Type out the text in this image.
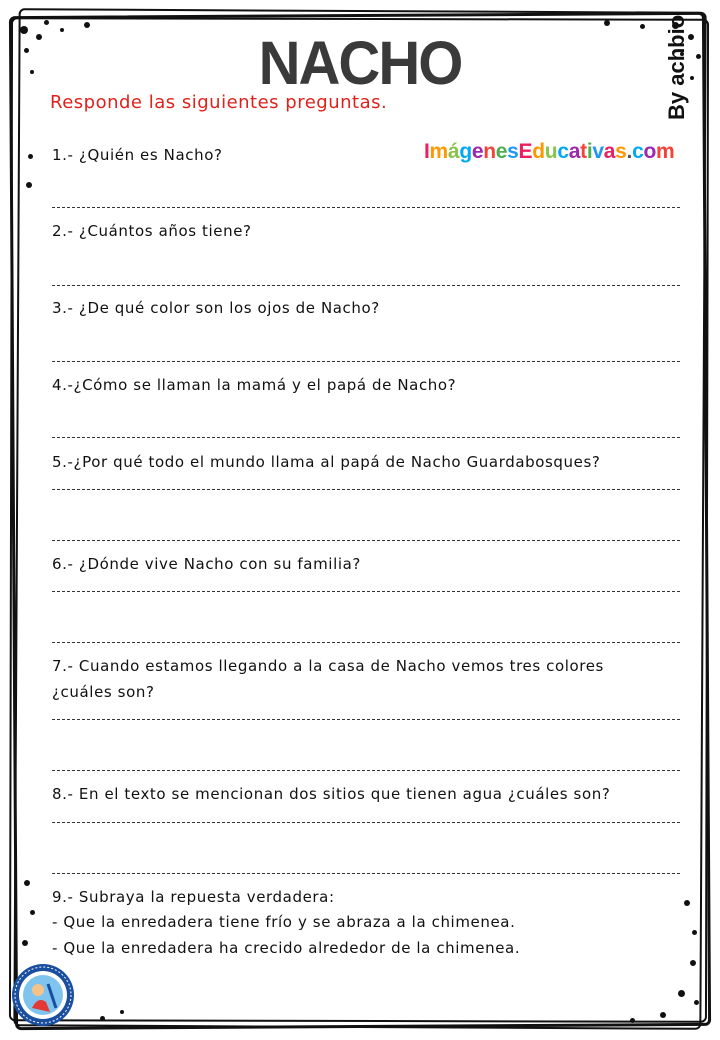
NACHO	By achbio
Responde las siguientes preguntas.
ImágenesEducativas.com
1.- ¿Quién es Nacho?
2.- ¿Cuántos años tiene?
3.- ¿De qué color son los ojos de Nacho?
4.-¿Cómo se llaman la mamá y el papá de Nacho?
5.-¿Por qué todo el mundo llama al papá de Nacho Guardabosques?
6.- ¿Dónde vive Nacho con su familia?
7.- Cuando estamos llegando a la casa de Nacho vemos tres colores ¿cuáles son?
8.- En el texto se mencionan dos sitios que tienen agua ¿cuáles son?
9.- Subraya la repuesta verdadera:
- Que la enredadera tiene frío y se abraza a la chimenea.
- Que la enredadera ha crecido alrededor de la chimenea.
